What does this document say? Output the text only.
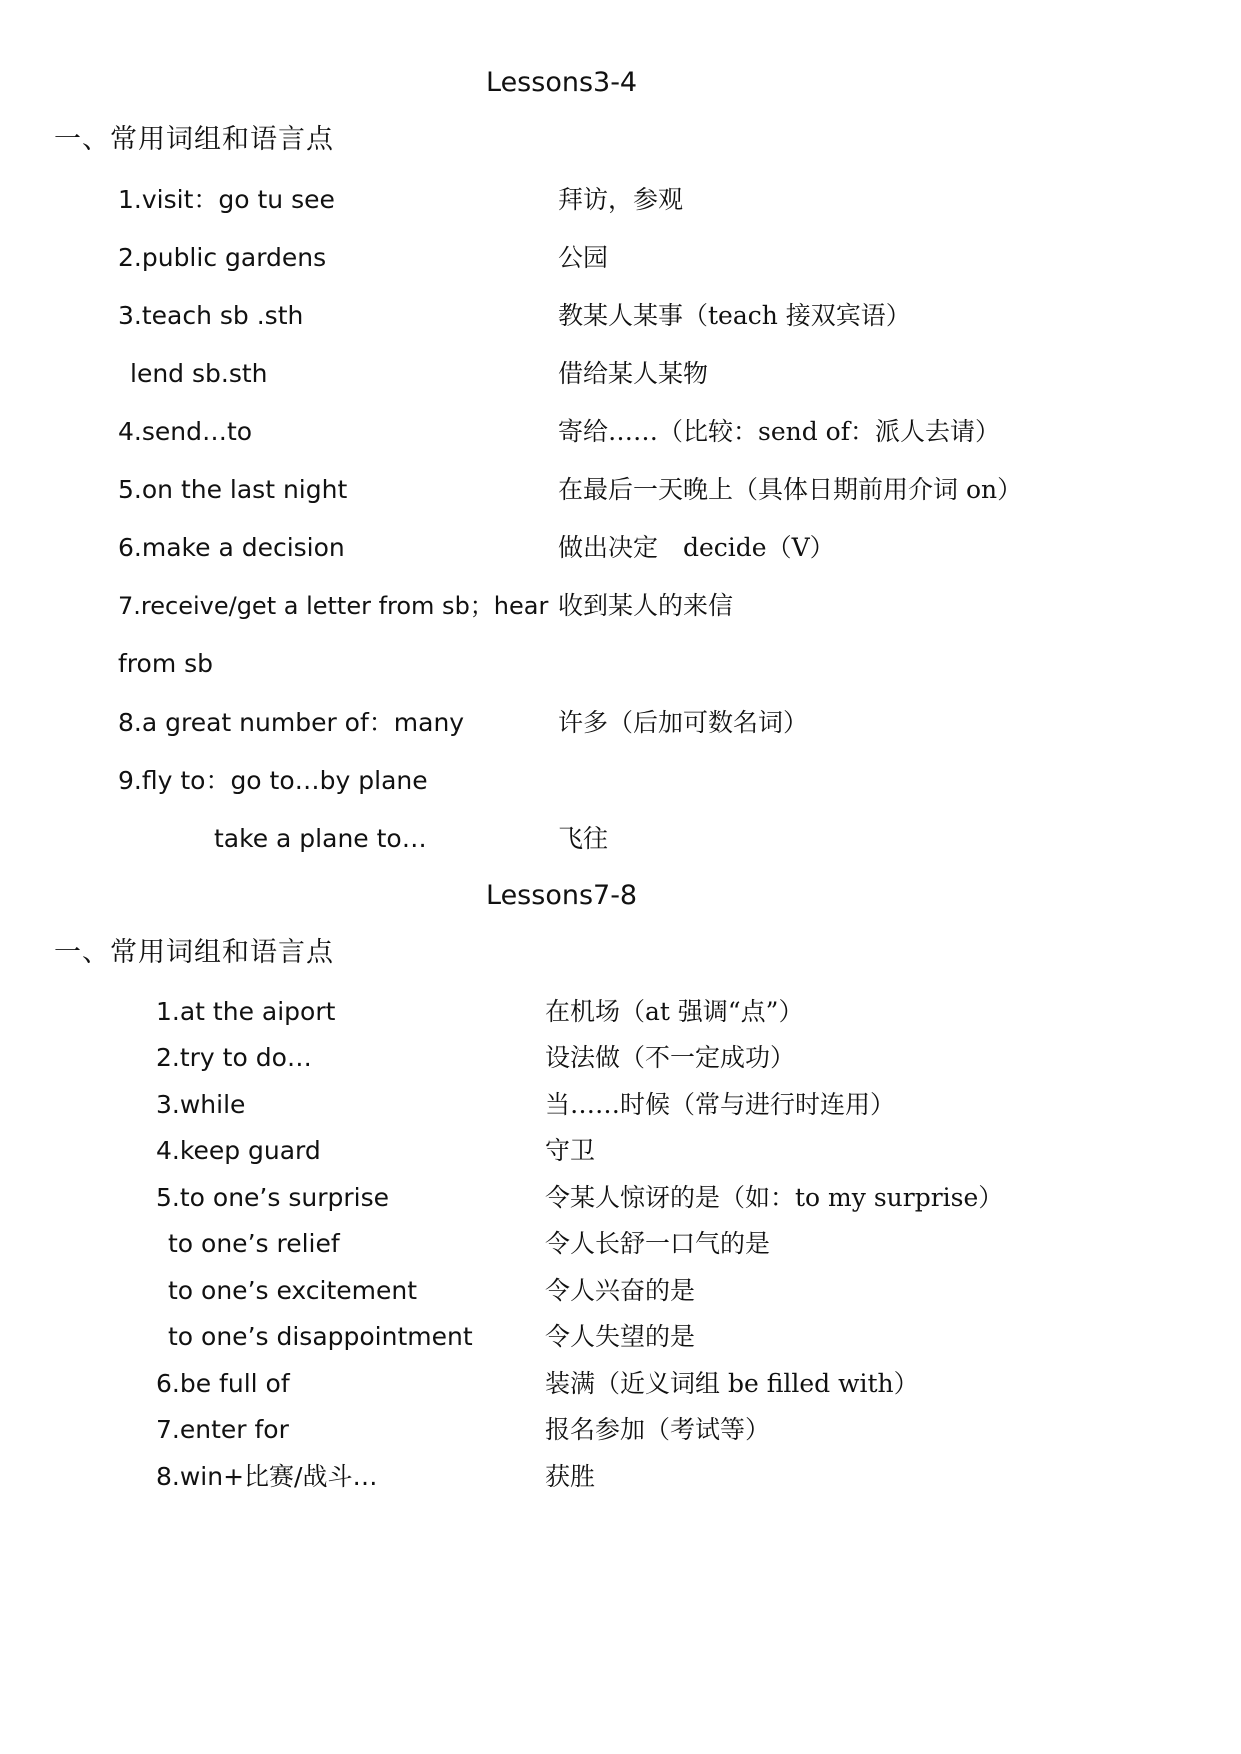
Lessons3-4
一、常用词组和语言点
1.visit：go tu see	拜访，参观
2.public gardens	公园
3.teach sb .sth	教某人某事（teach 接双宾语）
lend sb.sth	借给某人某物
4.send…to	寄给……（比较：send of：派人去请）
5.on the last night	在最后一天晚上（具体日期前用介词 on）
6.make a decision	做出决定　decide（V）
7.receive/get a letter from sb；hear 收到某人的来信
from sb
8.a great number of：many	许多（后加可数名词）
9.fly to：go to…by plane
take a plane to…	飞往
Lessons7-8
一、常用词组和语言点
1.at the aiport	在机场（at 强调“点”）
2.try to do…	设法做（不一定成功）
3.while	当……时候（常与进行时连用）
4.keep guard	守卫
5.to one’s surprise	令某人惊讶的是（如：to my surprise）
to one’s relief	令人长舒一口气的是
to one’s excitement	令人兴奋的是
to one’s disappointment	令人失望的是
6.be full of	装满（近义词组 be filled with）
7.enter for	报名参加（考试等）
8.win+比赛/战斗…	获胜
